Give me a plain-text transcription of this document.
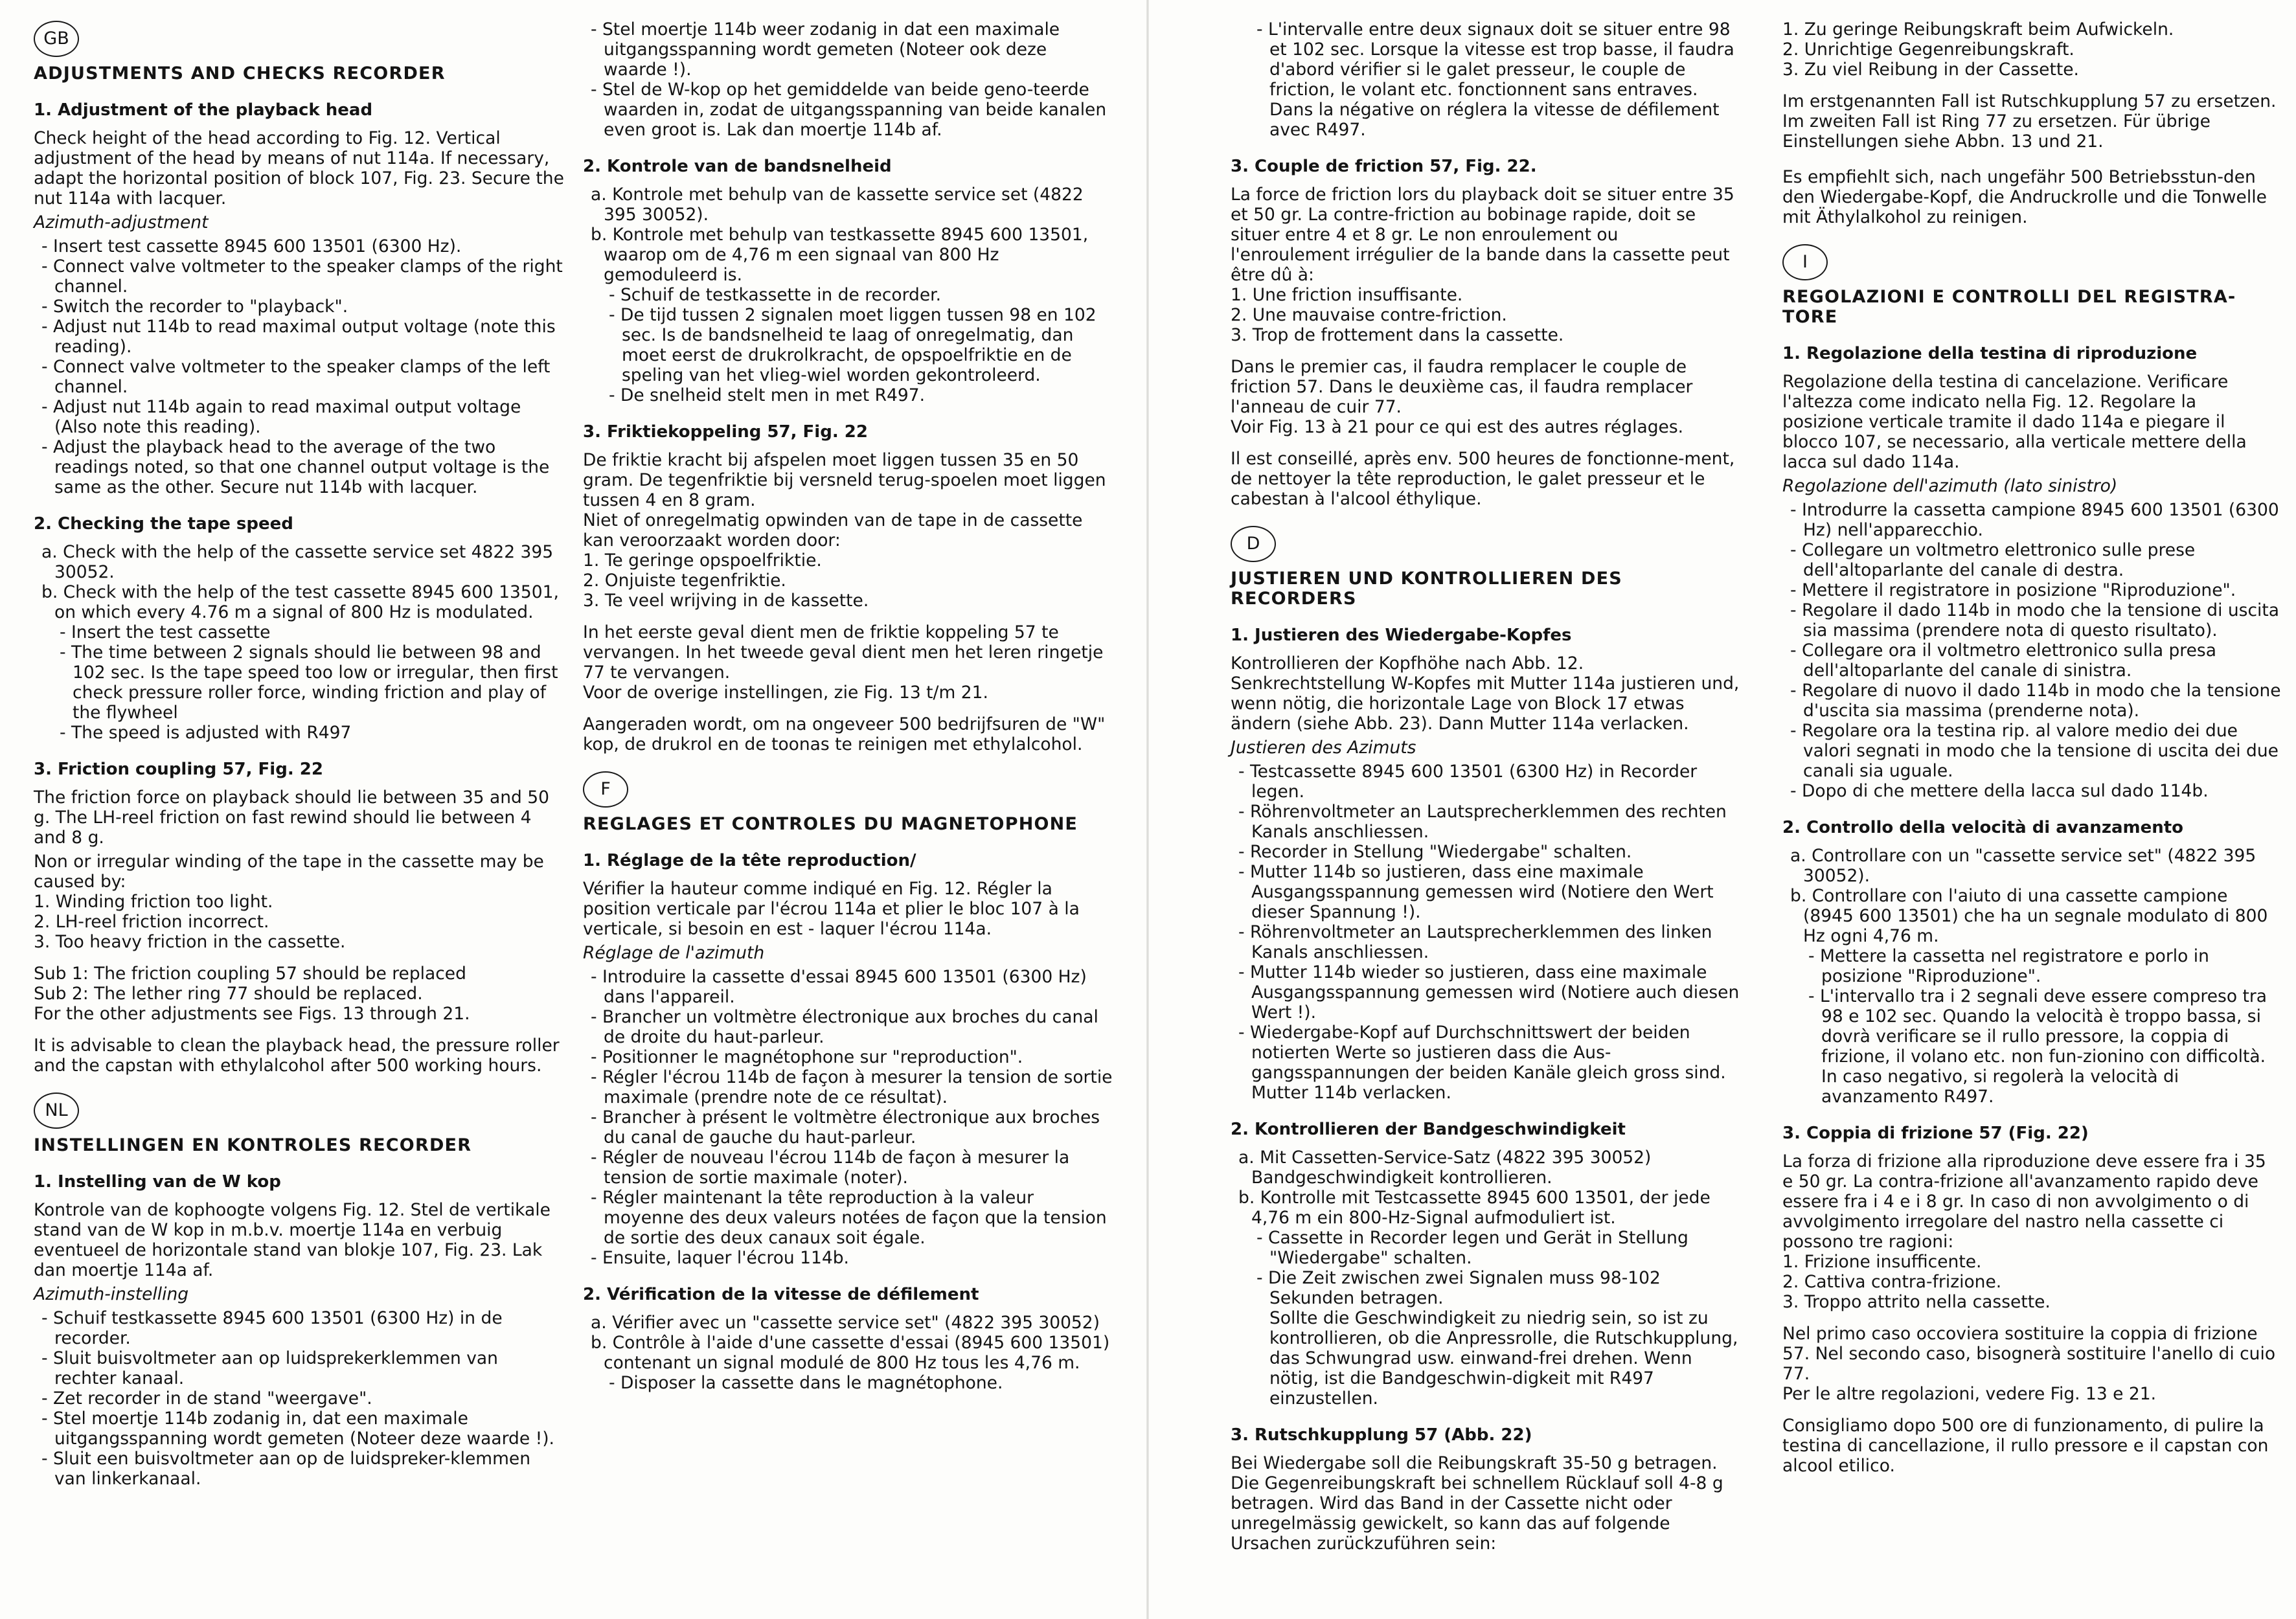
GB
ADJUSTMENTS AND CHECKS RECORDER
1. Adjustment of the playback head
Check height of the head according to Fig. 12. Vertical adjustment of the head by means of nut 114a. If necessary, adapt the horizontal position of block 107, Fig. 23. Secure the nut 114a with lacquer.
Azimuth-adjustment
- Insert test cassette 8945 600 13501 (6300 Hz).
- Connect valve voltmeter to the speaker clamps of the right channel.
- Switch the recorder to "playback".
- Adjust nut 114b to read maximal output voltage (note this reading).
- Connect valve voltmeter to the speaker clamps of the left channel.
- Adjust nut 114b again to read maximal output voltage (Also note this reading).
- Adjust the playback head to the average of the two readings noted, so that one channel output voltage is the same as the other. Secure nut 114b with lacquer.
2. Checking the tape speed
a. Check with the help of the cassette service set 4822 395 30052.
b. Check with the help of the test cassette 8945 600 13501, on which every 4.76 m a signal of 800 Hz is modulated.
- Insert the test cassette
- The time between 2 signals should lie between 98 and 102 sec. Is the tape speed too low or irregular, then first check pressure roller force, winding friction and play of the flywheel
- The speed is adjusted with R497
3. Friction coupling 57, Fig. 22
The friction force on playback should lie between 35 and 50 g. The LH-reel friction on fast rewind should lie between 4 and 8 g.
Non or irregular winding of the tape in the cassette may be caused by:
1. Winding friction too light.
2. LH-reel friction incorrect.
3. Too heavy friction in the cassette.
Sub 1: The friction coupling 57 should be replaced
Sub 2: The lether ring 77 should be replaced.
For the other adjustments see Figs. 13 through 21.
It is advisable to clean the playback head, the pressure roller and the capstan with ethylalcohol after 500 working hours.
NL
INSTELLINGEN EN KONTROLES RECORDER
1. Instelling van de W kop
Kontrole van de kophoogte volgens Fig. 12. Stel de vertikale stand van de W kop in m.b.v. moertje 114a en verbuig eventueel de horizontale stand van blokje 107, Fig. 23. Lak dan moertje 114a af.
Azimuth-instelling
- Schuif testkassette 8945 600 13501 (6300 Hz) in de recorder.
- Sluit buisvoltmeter aan op luidsprekerklemmen van rechter kanaal.
- Zet recorder in de stand "weergave".
- Stel moertje 114b zodanig in, dat een maximale uitgangsspanning wordt gemeten (Noteer deze waarde !).
- Sluit een buisvoltmeter aan op de luidspreker-klemmen van linkerkanaal.
- Stel moertje 114b weer zodanig in dat een maximale uitgangsspanning wordt gemeten (Noteer ook deze waarde !).
- Stel de W-kop op het gemiddelde van beide geno-teerde waarden in, zodat de uitgangsspanning van beide kanalen even groot is. Lak dan moertje 114b af.
2. Kontrole van de bandsnelheid
a. Kontrole met behulp van de kassette service set (4822 395 30052).
b. Kontrole met behulp van testkassette 8945 600 13501, waarop om de 4,76 m een signaal van 800 Hz gemoduleerd is.
- Schuif de testkassette in de recorder.
- De tijd tussen 2 signalen moet liggen tussen 98 en 102 sec. Is de bandsnelheid te laag of onregelmatig, dan moet eerst de drukrolkracht, de opspoelfriktie en de speling van het vlieg-wiel worden gekontroleerd.
- De snelheid stelt men in met R497.
3. Friktiekoppeling 57, Fig. 22
De friktie kracht bij afspelen moet liggen tussen 35 en 50 gram. De tegenfriktie bij versneld terug-spoelen moet liggen tussen 4 en 8 gram.
Niet of onregelmatig opwinden van de tape in de cassette kan veroorzaakt worden door:
1. Te geringe opspoelfriktie.
2. Onjuiste tegenfriktie.
3. Te veel wrijving in de kassette.
In het eerste geval dient men de friktie koppeling 57 te vervangen. In het tweede geval dient men het leren ringetje 77 te vervangen.
Voor de overige instellingen, zie Fig. 13 t/m 21.
Aangeraden wordt, om na ongeveer 500 bedrijfsuren de "W" kop, de drukrol en de toonas te reinigen met ethylalcohol.
F
REGLAGES ET CONTROLES DU MAGNETOPHONE
1. Réglage de la tête reproduction/
Vérifier la hauteur comme indiqué en Fig. 12. Régler la position verticale par l'écrou 114a et plier le bloc 107 à la verticale, si besoin en est - laquer l'écrou 114a.
Réglage de l'azimuth
- Introduire la cassette d'essai 8945 600 13501 (6300 Hz) dans l'appareil.
- Brancher un voltmètre électronique aux broches du canal de droite du haut-parleur.
- Positionner le magnétophone sur "reproduction".
- Régler l'écrou 114b de façon à mesurer la tension de sortie maximale (prendre note de ce résultat).
- Brancher à présent le voltmètre électronique aux broches du canal de gauche du haut-parleur.
- Régler de nouveau l'écrou 114b de façon à mesurer la tension de sortie maximale (noter).
- Régler maintenant la tête reproduction à la valeur moyenne des deux valeurs notées de façon que la tension de sortie des deux canaux soit égale.
- Ensuite, laquer l'écrou 114b.
2. Vérification de la vitesse de défilement
a. Vérifier avec un "cassette service set" (4822 395 30052)
b. Contrôle à l'aide d'une cassette d'essai (8945 600 13501) contenant un signal modulé de 800 Hz tous les 4,76 m.
- Disposer la cassette dans le magnétophone.
- L'intervalle entre deux signaux doit se situer entre 98 et 102 sec. Lorsque la vitesse est trop basse, il faudra d'abord vérifier si le galet presseur, le couple de friction, le volant etc. fonctionnent sans entraves. Dans la négative on réglera la vitesse de défilement avec R497.
3. Couple de friction 57, Fig. 22.
La force de friction lors du playback doit se situer entre 35 et 50 gr. La contre-friction au bobinage rapide, doit se situer entre 4 et 8 gr. Le non enroulement ou l'enroulement irrégulier de la bande dans la cassette peut être dû à:
1. Une friction insuffisante.
2. Une mauvaise contre-friction.
3. Trop de frottement dans la cassette.
Dans le premier cas, il faudra remplacer le couple de friction 57. Dans le deuxième cas, il faudra remplacer l'anneau de cuir 77.
Voir Fig. 13 à 21 pour ce qui est des autres réglages.
Il est conseillé, après env. 500 heures de fonctionne-ment, de nettoyer la tête reproduction, le galet presseur et le cabestan à l'alcool éthylique.
D
JUSTIEREN UND KONTROLLIEREN DES RECORDERS
1. Justieren des Wiedergabe-Kopfes
Kontrollieren der Kopfhöhe nach Abb. 12. Senkrechtstellung W-Kopfes mit Mutter 114a justieren und, wenn nötig, die horizontale Lage von Block 17 etwas ändern (siehe Abb. 23). Dann Mutter 114a verlacken.
Justieren des Azimuts
- Testcassette 8945 600 13501 (6300 Hz) in Recorder legen.
- Röhrenvoltmeter an Lautsprecherklemmen des rechten Kanals anschliessen.
- Recorder in Stellung "Wiedergabe" schalten.
- Mutter 114b so justieren, dass eine maximale Ausgangsspannung gemessen wird (Notiere den Wert dieser Spannung !).
- Röhrenvoltmeter an Lautsprecherklemmen des linken Kanals anschliessen.
- Mutter 114b wieder so justieren, dass eine maximale Ausgangsspannung gemessen wird (Notiere auch diesen Wert !).
- Wiedergabe-Kopf auf Durchschnittswert der beiden notierten Werte so justieren dass die Aus-gangsspannungen der beiden Kanäle gleich gross sind. Mutter 114b verlacken.
2. Kontrollieren der Bandgeschwindigkeit
a. Mit Cassetten-Service-Satz (4822 395 30052) Bandgeschwindigkeit kontrollieren.
b. Kontrolle mit Testcassette 8945 600 13501, der jede 4,76 m ein 800-Hz-Signal aufmoduliert ist.
- Cassette in Recorder legen und Gerät in Stellung "Wiedergabe" schalten.
- Die Zeit zwischen zwei Signalen muss 98-102 Sekunden betragen.
Sollte die Geschwindigkeit zu niedrig sein, so ist zu kontrollieren, ob die Anpressrolle, die Rutschkupplung, das Schwungrad usw. einwand-frei drehen. Wenn nötig, ist die Bandgeschwin-digkeit mit R497 einzustellen.
3. Rutschkupplung 57 (Abb. 22)
Bei Wiedergabe soll die Reibungskraft 35-50 g betragen. Die Gegenreibungskraft bei schnellem Rücklauf soll 4-8 g betragen. Wird das Band in der Cassette nicht oder unregelmässig gewickelt, so kann das auf folgende Ursachen zurückzuführen sein:
1. Zu geringe Reibungskraft beim Aufwickeln.
2. Unrichtige Gegenreibungskraft.
3. Zu viel Reibung in der Cassette.
Im erstgenannten Fall ist Rutschkupplung 57 zu ersetzen. Im zweiten Fall ist Ring 77 zu ersetzen. Für übrige Einstellungen siehe Abbn. 13 und 21.
Es empfiehlt sich, nach ungefähr 500 Betriebsstun-den den Wiedergabe-Kopf, die Andruckrolle und die Tonwelle mit Äthylalkohol zu reinigen.
I
REGOLAZIONI E CONTROLLI DEL REGISTRA-TORE
1. Regolazione della testina di riproduzione
Regolazione della testina di cancelazione. Verificare l'altezza come indicato nella Fig. 12. Regolare la posizione verticale tramite il dado 114a e piegare il blocco 107, se necessario, alla verticale mettere della lacca sul dado 114a.
Regolazione dell'azimuth (lato sinistro)
- Introdurre la cassetta campione 8945 600 13501 (6300 Hz) nell'apparecchio.
- Collegare un voltmetro elettronico sulle prese dell'altoparlante del canale di destra.
- Mettere il registratore in posizione "Riproduzione".
- Regolare il dado 114b in modo che la tensione di uscita sia massima (prendere nota di questo risultato).
- Collegare ora il voltmetro elettronico sulla presa dell'altoparlante del canale di sinistra.
- Regolare di nuovo il dado 114b in modo che la tensione d'uscita sia massima (prenderne nota).
- Regolare ora la testina rip. al valore medio dei due valori segnati in modo che la tensione di uscita dei due canali sia uguale.
- Dopo di che mettere della lacca sul dado 114b.
2. Controllo della velocità di avanzamento
a. Controllare con un "cassette service set" (4822 395 30052).
b. Controllare con l'aiuto di una cassette campione (8945 600 13501) che ha un segnale modulato di 800 Hz ogni 4,76 m.
- Mettere la cassetta nel registratore e porlo in posizione "Riproduzione".
- L'intervallo tra i 2 segnali deve essere compreso tra 98 e 102 sec. Quando la velocità è troppo bassa, si dovrà verificare se il rullo pressore, la coppia di frizione, il volano etc. non fun-zionino con difficoltà. In caso negativo, si regolerà la velocità di avanzamento R497.
3. Coppia di frizione 57 (Fig. 22)
La forza di frizione alla riproduzione deve essere fra i 35 e 50 gr. La contra-frizione all'avanzamento rapido deve essere fra i 4 e i 8 gr. In caso di non avvolgimento o di avvolgimento irregolare del nastro nella cassette ci possono tre ragioni:
1. Frizione insufficente.
2. Cattiva contra-frizione.
3. Troppo attrito nella cassette.
Nel primo caso occoviera sostituire la coppia di frizione 57. Nel secondo caso, bisognerà sostituire l'anello di cuio 77.
Per le altre regolazioni, vedere Fig. 13 e 21.
Consigliamo dopo 500 ore di funzionamento, di pulire la testina di cancellazione, il rullo pressore e il capstan con alcool etilico.
